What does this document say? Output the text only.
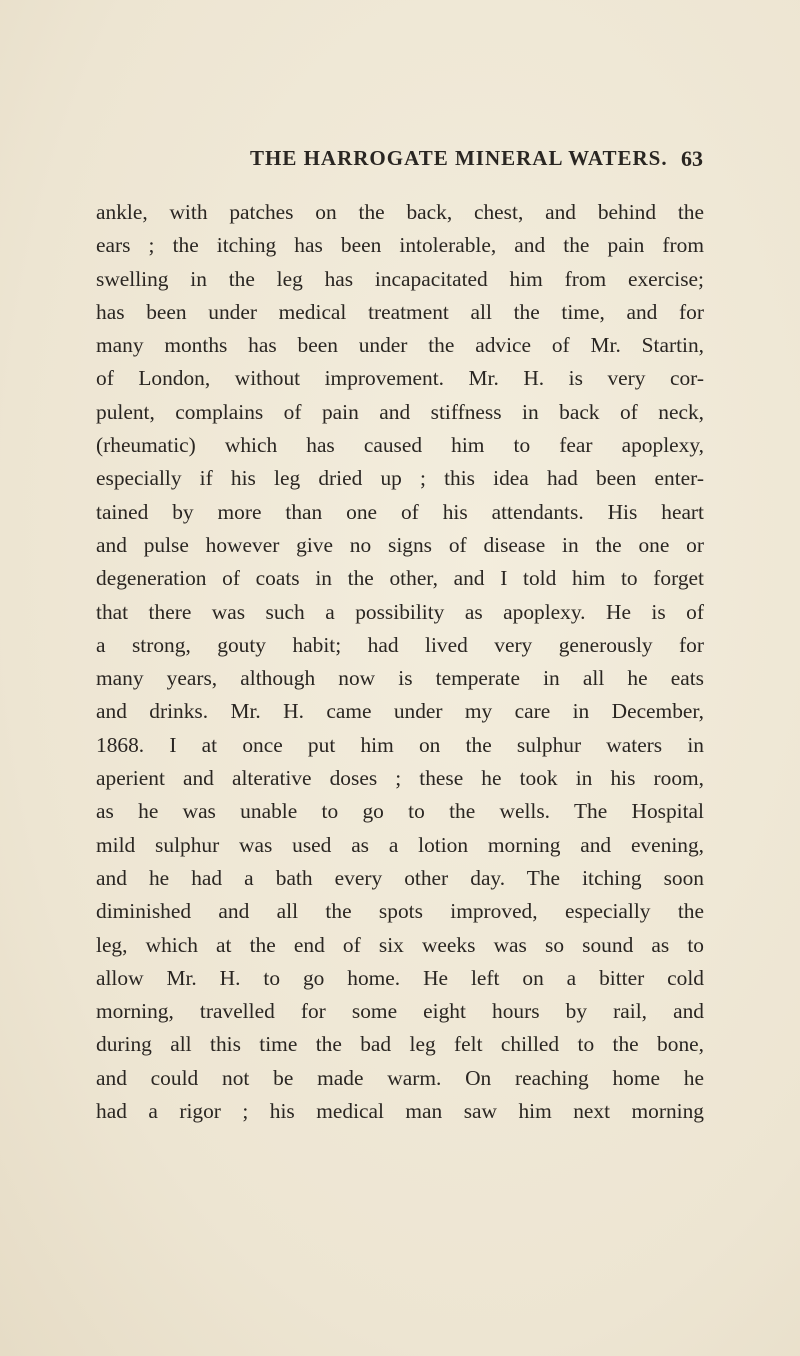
THE HARROGATE MINERAL WATERS. 63
ankle, with patches on the back, chest, and behind the
ears ; the itching has been intolerable, and the pain from
swelling in the leg has incapacitated him from exercise;
has been under medical treatment all the time, and for
many months has been under the advice of Mr. Startin,
of London, without improvement. Mr. H. is very cor-
pulent, complains of pain and stiffness in back of neck,
(rheumatic) which has caused him to fear apoplexy,
especially if his leg dried up ; this idea had been enter-
tained by more than one of his attendants. His heart
and pulse however give no signs of disease in the one or
degeneration of coats in the other, and I told him to forget
that there was such a possibility as apoplexy. He is of
a strong, gouty habit; had lived very generously for
many years, although now is temperate in all he eats
and drinks. Mr. H. came under my care in December,
1868. I at once put him on the sulphur waters in
aperient and alterative doses ; these he took in his room,
as he was unable to go to the wells. The Hospital
mild sulphur was used as a lotion morning and evening,
and he had a bath every other day. The itching soon
diminished and all the spots improved, especially the
leg, which at the end of six weeks was so sound as to
allow Mr. H. to go home. He left on a bitter cold
morning, travelled for some eight hours by rail, and
during all this time the bad leg felt chilled to the bone,
and could not be made warm. On reaching home he
had a rigor ; his medical man saw him next morning
